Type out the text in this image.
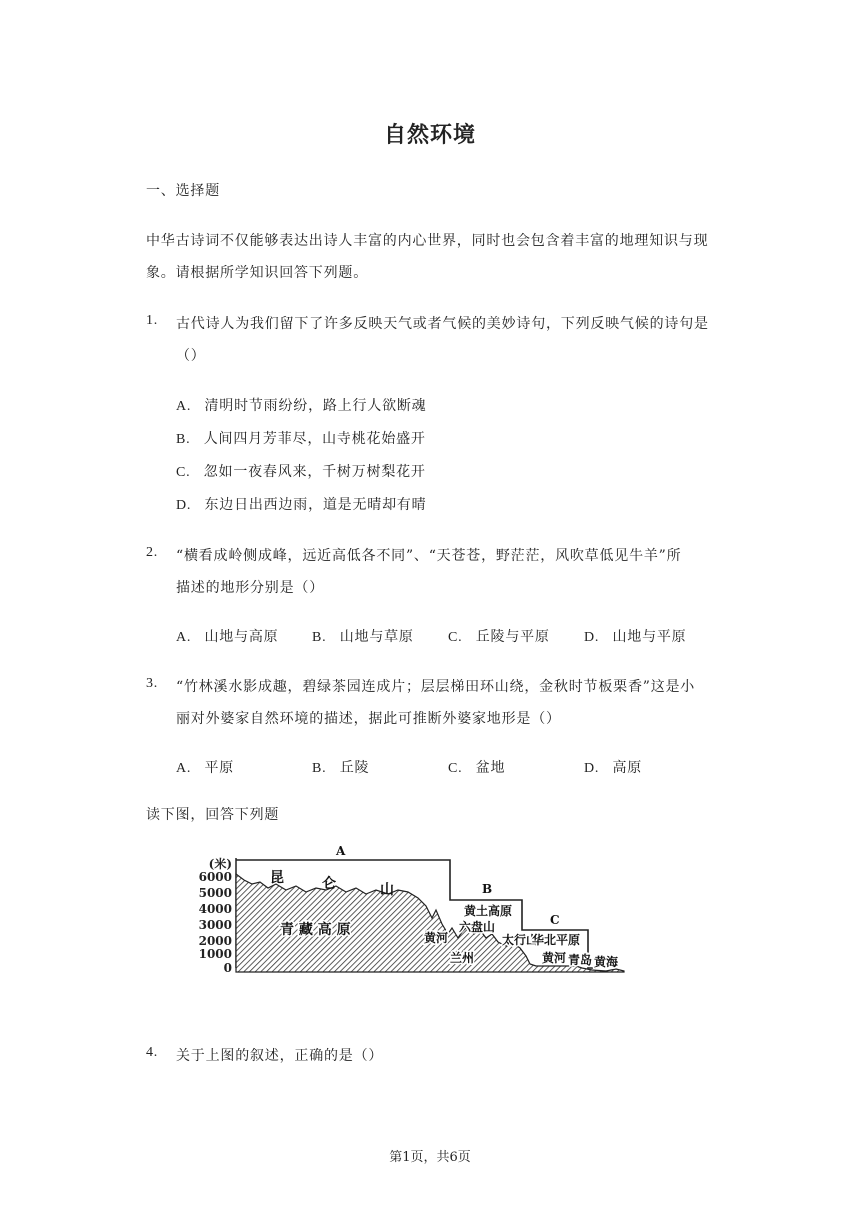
自然环境
一、选择题
中华古诗词不仅能够表达出诗人丰富的内心世界，同时也会包含着丰富的地理知识与现
象。请根据所学知识回答下列题。
1. 古代诗人为我们留下了许多反映天气或者气候的美妙诗句，下列反映气候的诗句是
（）
A. 清明时节雨纷纷，路上行人欲断魂
B. 人间四月芳菲尽，山寺桃花始盛开
C. 忽如一夜春风来，千树万树梨花开
D. 东边日出西边雨，道是无晴却有晴
2. “横看成岭侧成峰，远近高低各不同”、“天苍苍，野茫茫，风吹草低见牛羊”所
描述的地形分别是（）
A. 山地与高原 B. 山地与草原 C. 丘陵与平原 D. 山地与平原
3. “竹林溪水影成趣，碧绿茶园连成片；层层梯田环山绕，金秋时节板栗香”这是小
丽对外婆家自然环境的描述，据此可推断外婆家地形是（）
A. 平原	B. 丘陵	C. 盆地	D. 高原
读下图，回答下列题
(米)
6000
5000
4000
3000
2000
1000
0
A
B
C
昆	仑	山
青 藏 高 原	黄河
兰州
黄土高原
六盘山
太行山
华北平原
黄河 青岛 黄海
4. 关于上图的叙述，正确的是（）
第1页，共6页
